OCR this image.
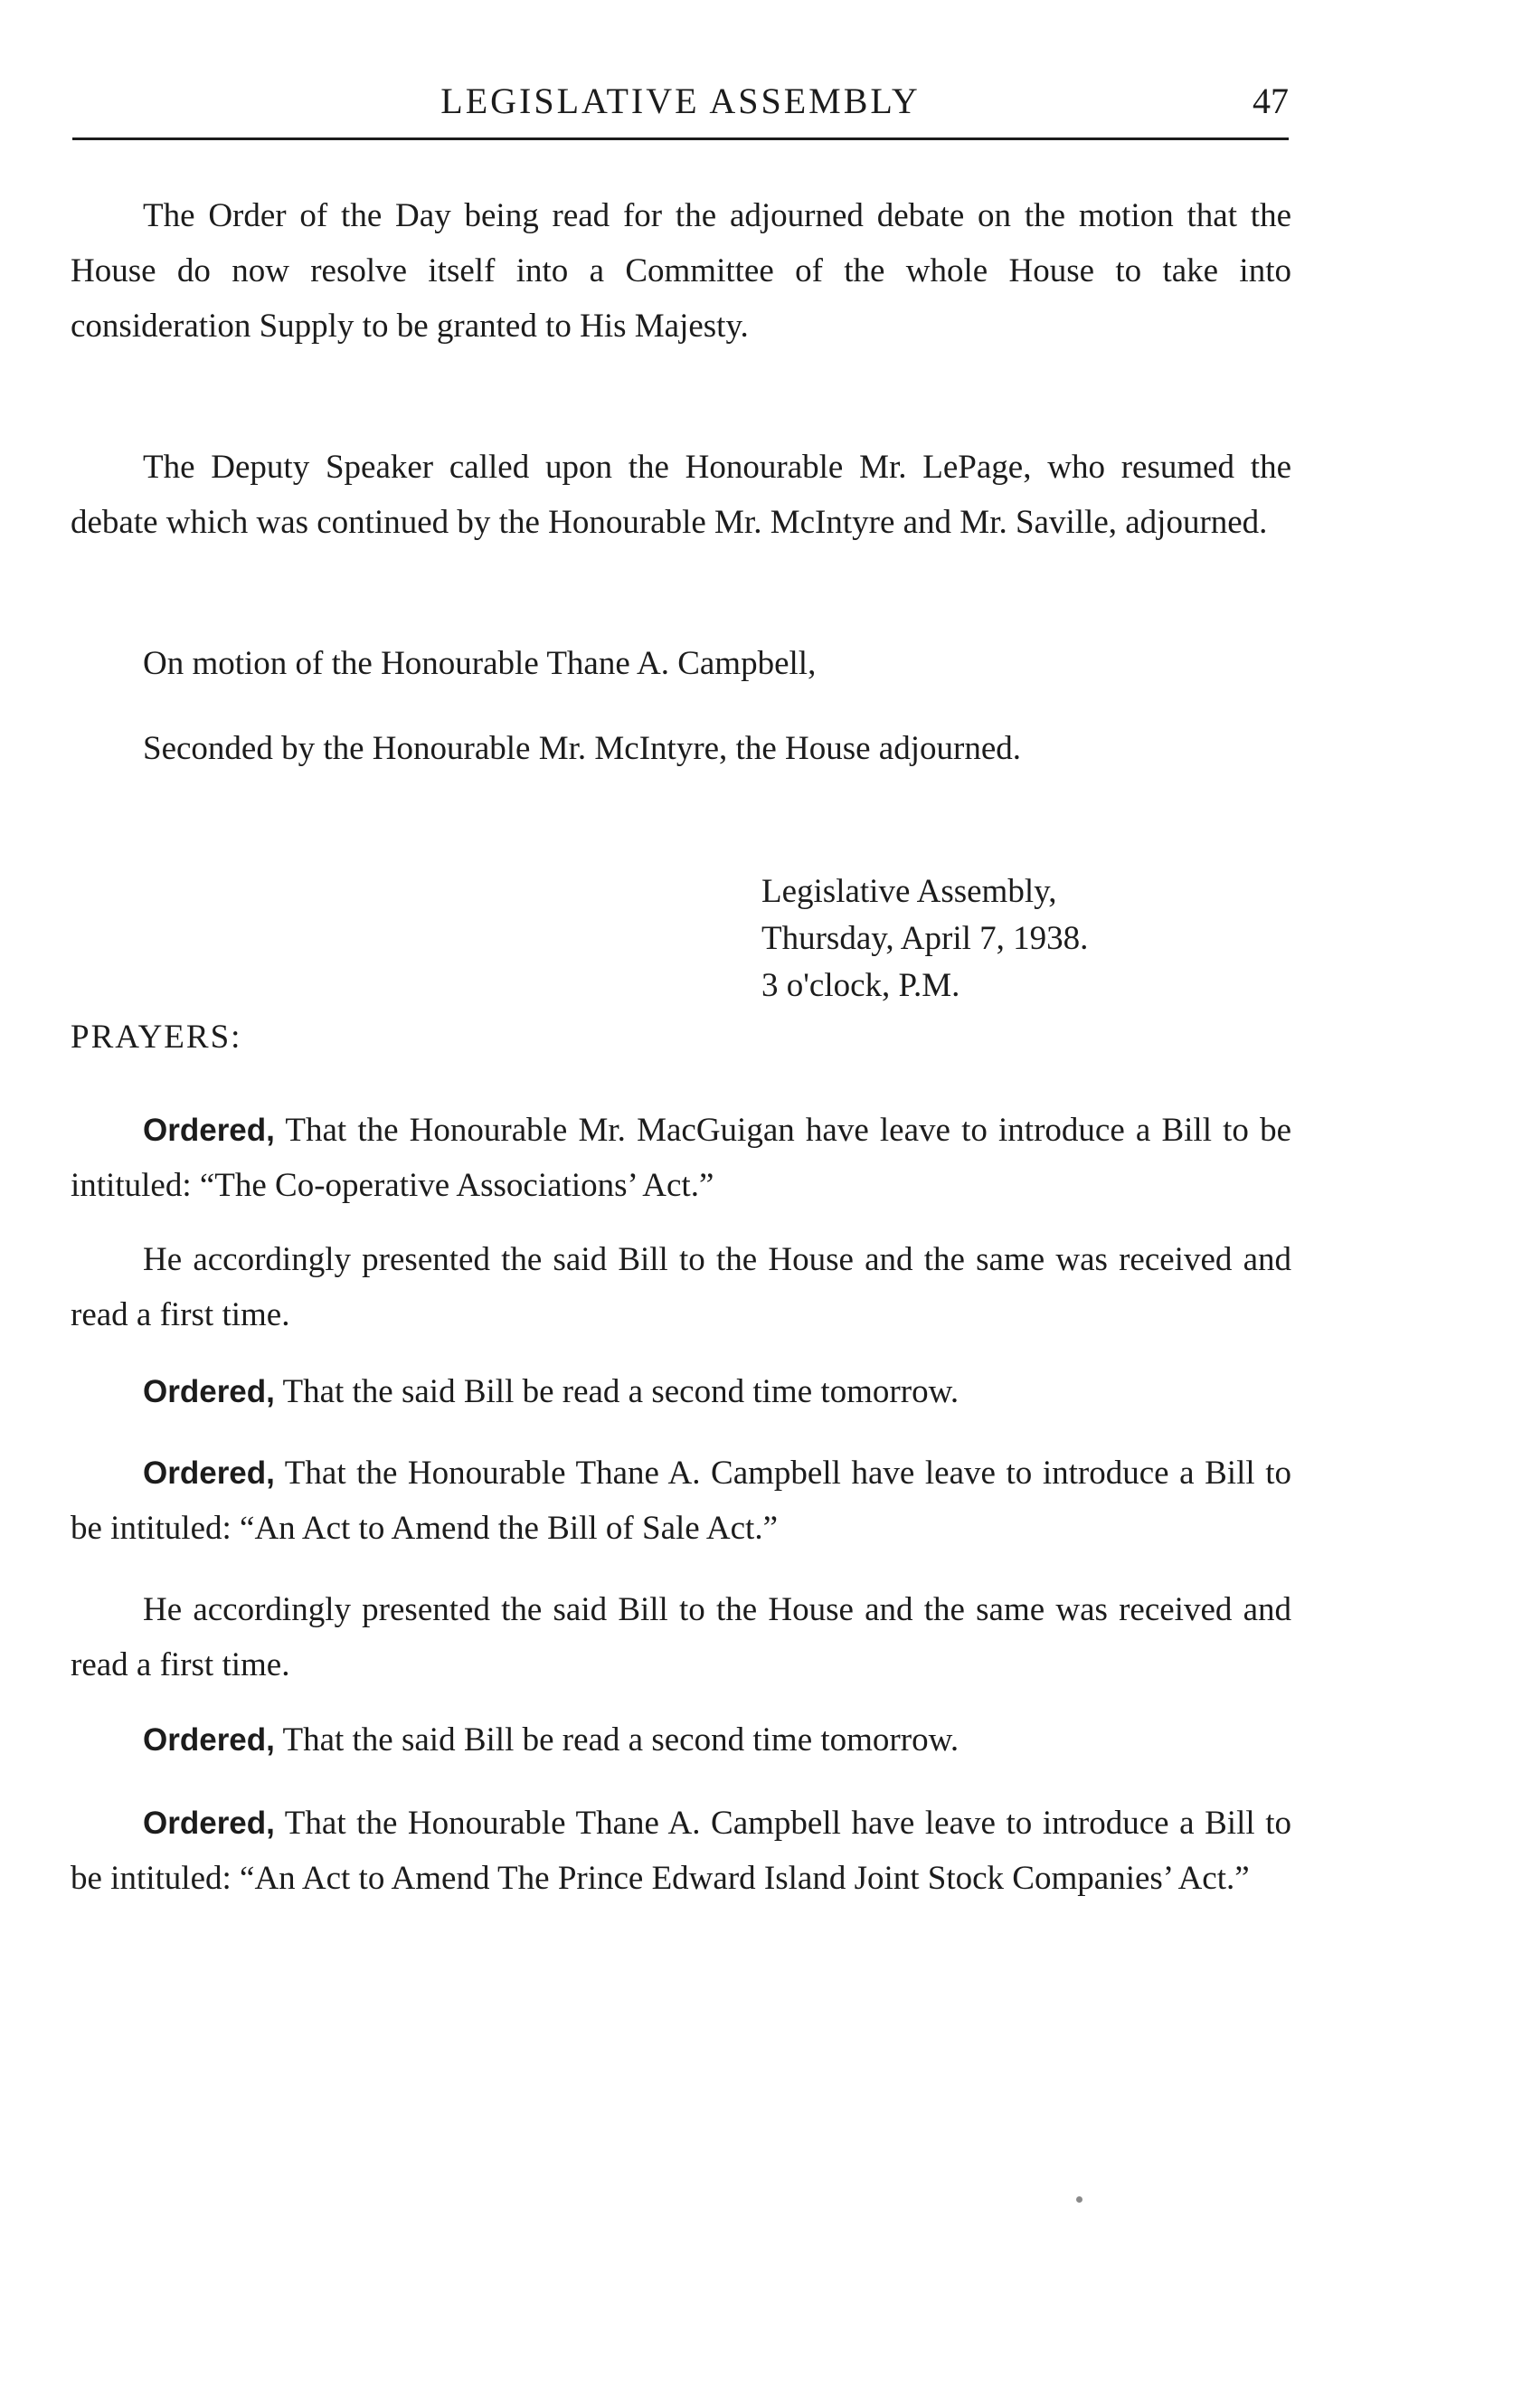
LEGISLATIVE ASSEMBLY	47

The Order of the Day being read for the adjourned debate on the motion that the House do now resolve itself into a Committee of the whole House to take into consideration Supply to be granted to His Majesty.

The Deputy Speaker called upon the Honourable Mr. LePage, who resumed the debate which was continued by the Honourable Mr. McIntyre and Mr. Saville, adjourned.

On motion of the Honourable Thane A. Campbell,

Seconded by the Honourable Mr. McIntyre, the House adjourned.

Legislative Assembly,
Thursday, April 7, 1938.
3 o'clock, P.M.
PRAYERS:

Ordered, That the Honourable Mr. MacGuigan have leave to introduce a Bill to be intituled: “The Co-operative Associations’ Act.”

He accordingly presented the said Bill to the House and the same was received and read a first time.

Ordered, That the said Bill be read a second time tomorrow.

Ordered, That the Honourable Thane A. Campbell have leave to introduce a Bill to be intituled: “An Act to Amend the Bill of Sale Act.”

He accordingly presented the said Bill to the House and the same was received and read a first time.

Ordered, That the said Bill be read a second time tomorrow.

Ordered, That the Honourable Thane A. Campbell have leave to introduce a Bill to be intituled: “An Act to Amend The Prince Edward Island Joint Stock Companies’ Act.”
